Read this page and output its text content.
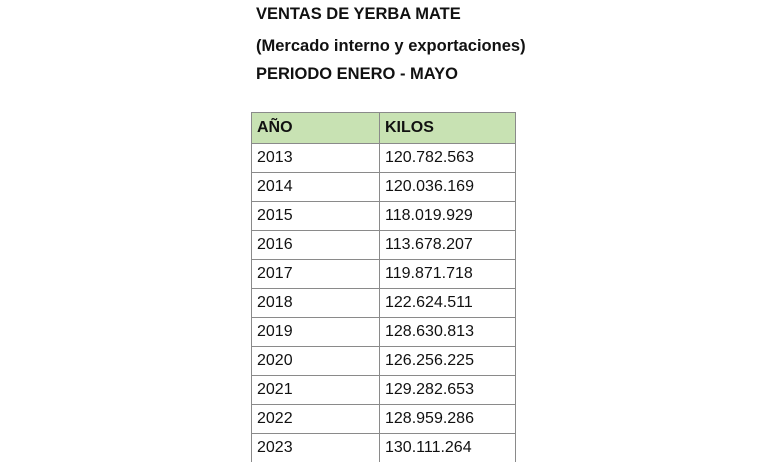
VENTAS DE YERBA MATE
(Mercado interno y exportaciones)
PERIODO ENERO - MAYO
AÑO	KILOS
2013	120.782.563
2014	120.036.169
2015	118.019.929
2016	113.678.207
2017	119.871.718
2018	122.624.511
2019	128.630.813
2020	126.256.225
2021	129.282.653
2022	128.959.286
2023	130.111.264
